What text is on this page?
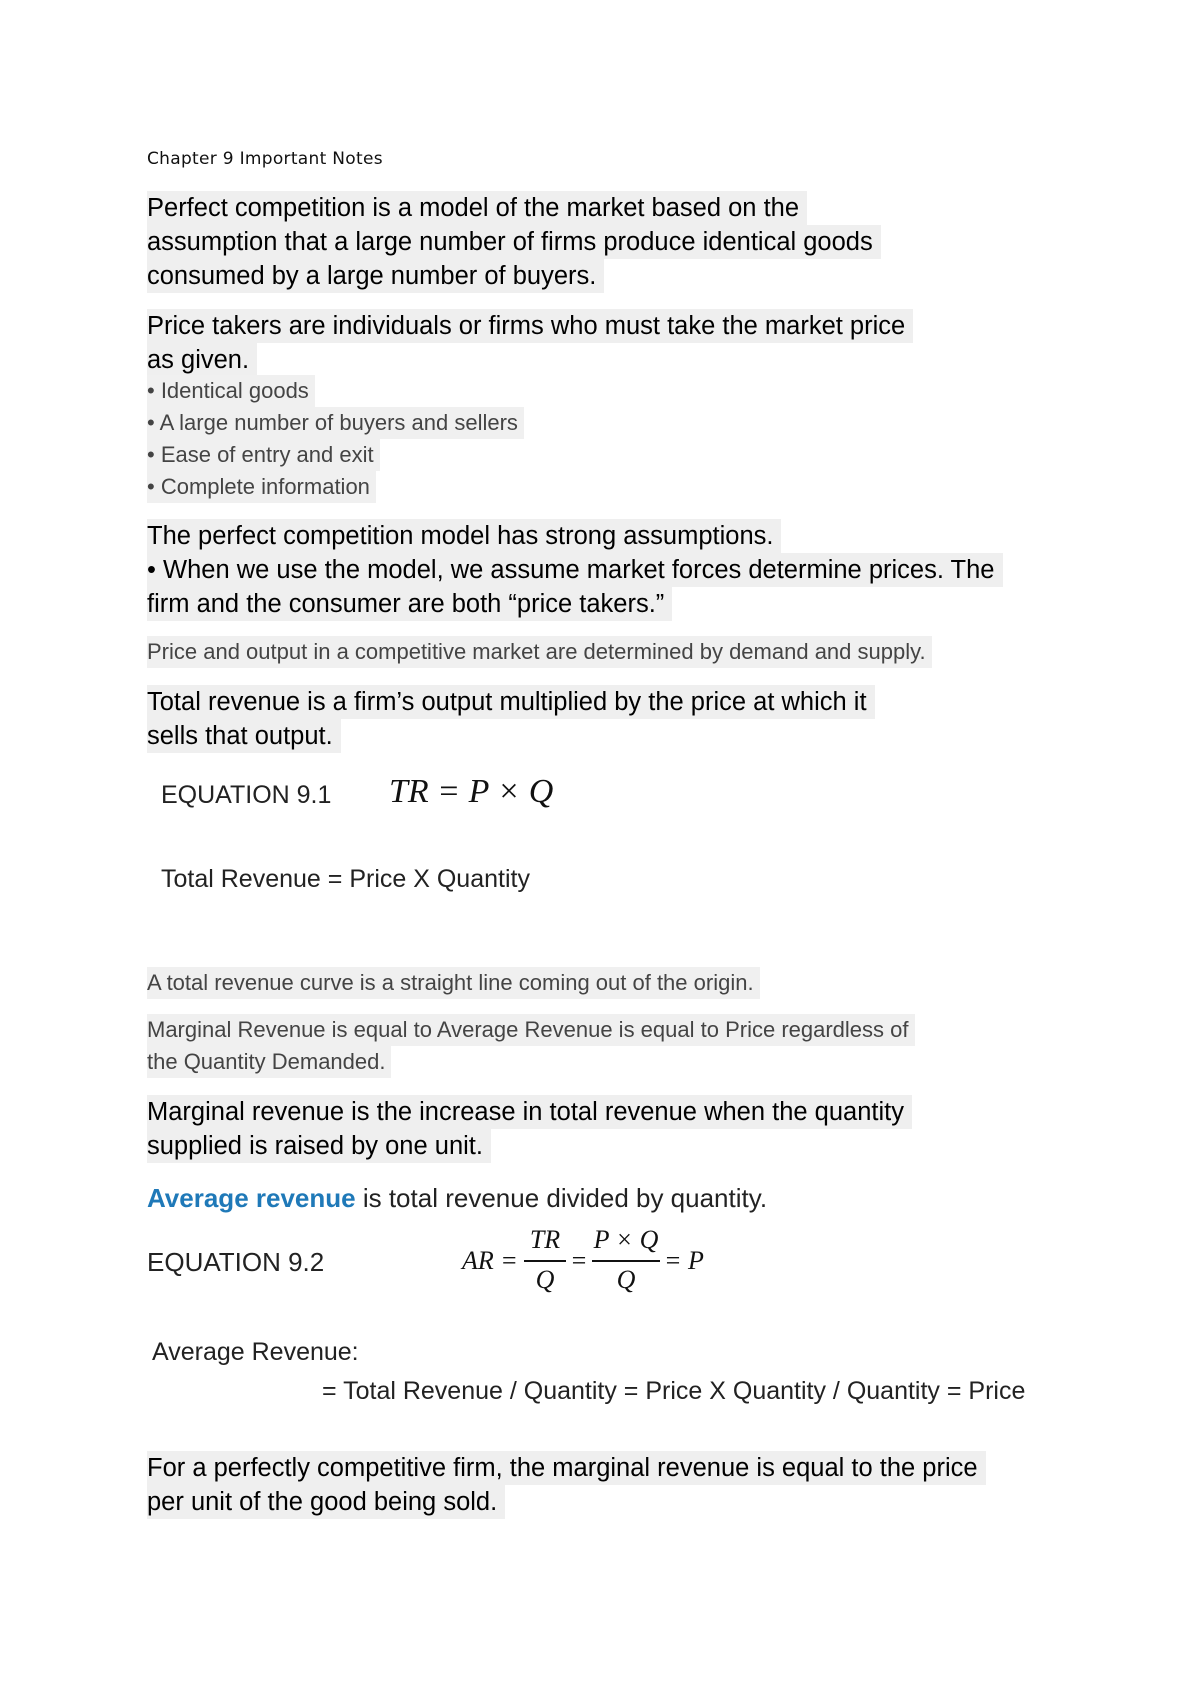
Chapter 9 Important Notes
Perfect competition is a model of the market based on the
assumption that a large number of firms produce identical goods
consumed by a large number of buyers.
Price takers are individuals or firms who must take the market price
as given.
• Identical goods
• A large number of buyers and sellers
• Ease of entry and exit
• Complete information
The perfect competition model has strong assumptions.
• When we use the model, we assume market forces determine prices. The
firm and the consumer are both “price takers.”
Price and output in a competitive market are determined by demand and supply.
Total revenue is a firm’s output multiplied by the price at which it
sells that output.
EQUATION 9.1 TR = P × Q
Total Revenue = Price X Quantity
A total revenue curve is a straight line coming out of the origin.
Marginal Revenue is equal to Average Revenue is equal to Price regardless of
the Quantity Demanded.
Marginal revenue is the increase in total revenue when the quantity
supplied is raised by one unit.
Average revenue is total revenue divided by quantity.
EQUATION 9.2	AR =
TR
Q
=
P × Q
Q
= P
Average Revenue:
= Total Revenue / Quantity = Price X Quantity / Quantity = Price
For a perfectly competitive firm, the marginal revenue is equal to the price
per unit of the good being sold.
